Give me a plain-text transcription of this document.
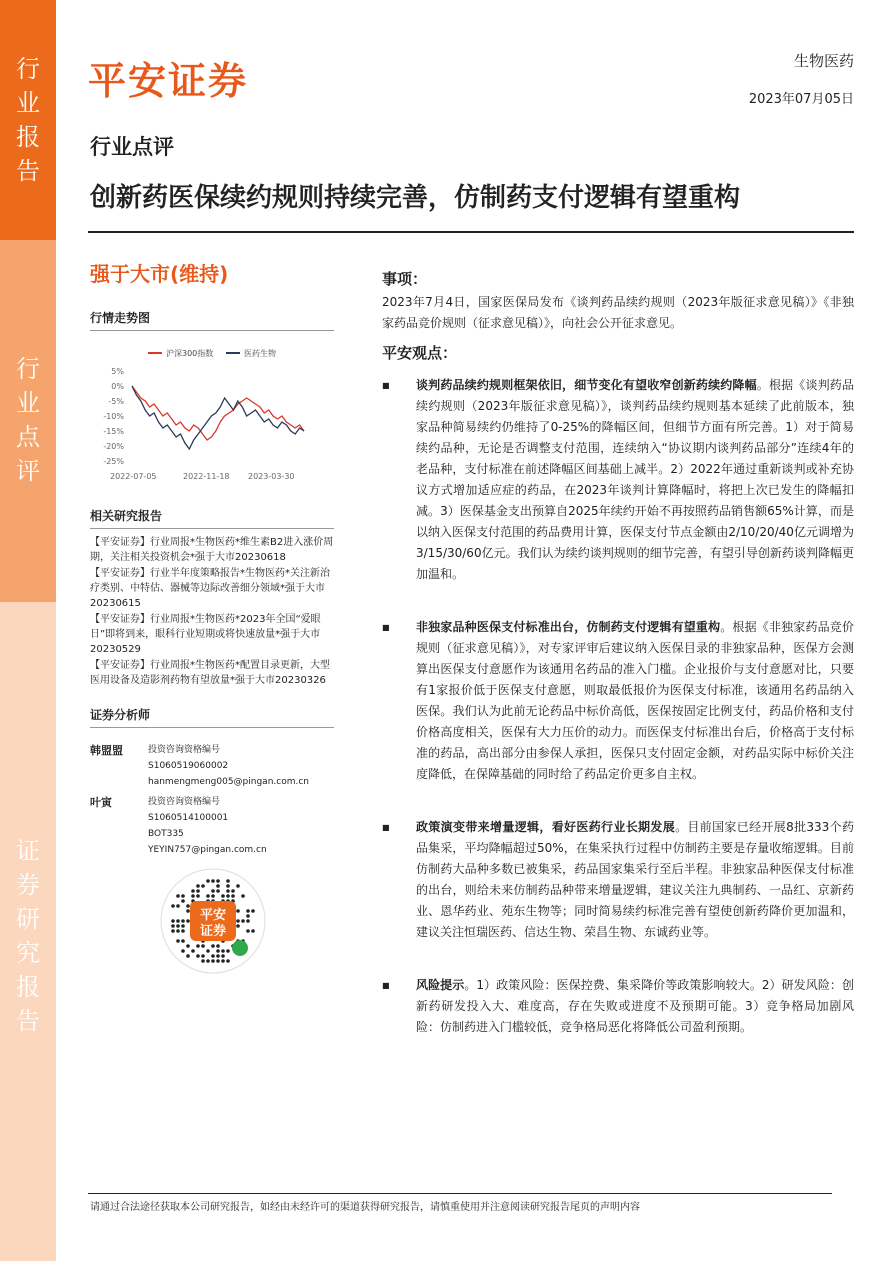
行业报告
行业点评
证券研究报告
平安证券	生物医药
2023年07月05日
行业点评
创新药医保续约规则持续完善，仿制药支付逻辑有望重构
强于大市(维持)
行情走势图
沪深300指数	医药生物
5%
0%
-5%
-10%
-15%
-20%
-25%
2022-07-05	2022-11-18 2023-03-30
相关研究报告

【平安证券】行业周报*生物医药*维生素B2进入涨价周期，关注相关投资机会*强于大市20230618

【平安证券】行业半年度策略报告*生物医药*关注新治疗类别、中特估、器械等边际改善细分领域*强于大市20230615

【平安证券】行业周报*生物医药*2023年全国“爱眼日”即将到来，眼科行业短期或将快速放量*强于大市20230529

【平安证券】行业周报*生物医药*配置目录更新，大型医用设备及造影剂药物有望放量*强于大市20230326

证券分析师
韩盟盟	投资咨询资格编号
S1060519060002
hanmengmeng005@pingan.com.cn
叶寅	投资咨询资格编号
S1060514100001
BOT335
YEYIN757@pingan.com.cn
平安
证券
事项：
2023年7月4日，国家医保局发布《谈判药品续约规则（2023年版征求意见稿）》《非独家药品竞价规则（征求意见稿）》，向社会公开征求意见。
平安观点：
■	谈判药品续约规则框架依旧，细节变化有望收窄创新药续约降幅。根据《谈判药品续约规则（2023年版征求意见稿）》，谈判药品续约规则基本延续了此前版本，独家品种简易续约仍维持了0-25%的降幅区间，但细节方面有所完善。1）对于简易续约品种，无论是否调整支付范围，连续纳入“协议期内谈判药品部分”连续4年的老品种，支付标准在前述降幅区间基础上减半。2）2022年通过重新谈判或补充协议方式增加适应症的药品，在2023年谈判计算降幅时，将把上次已发生的降幅扣减。3）医保基金支出预算自2025年续约开始不再按照药品销售额65%计算，而是以纳入医保支付范围的药品费用计算，医保支付节点金额由2/10/20/40亿元调增为3/15/30/60亿元。我们认为续约谈判规则的细节完善，有望引导创新药谈判降幅更加温和。
■	非独家品种医保支付标准出台，仿制药支付逻辑有望重构。根据《非独家药品竞价规则（征求意见稿）》，对专家评审后建议纳入医保目录的非独家品种，医保方会测算出医保支付意愿作为该通用名药品的准入门槛。企业报价与支付意愿对比，只要有1家报价低于医保支付意愿，则取最低报价为医保支付标准，该通用名药品纳入医保。我们认为此前无论药品中标价高低，医保按固定比例支付，药品价格和支付价格高度相关，医保有大力压价的动力。而医保支付标准出台后，价格高于支付标准的药品，高出部分由参保人承担，医保只支付固定金额，对药品实际中标价关注度降低，在保障基础的同时给了药品定价更多自主权。
■	政策演变带来增量逻辑，看好医药行业长期发展。目前国家已经开展8批333个药品集采，平均降幅超过50%，在集采执行过程中仿制药主要是存量收缩逻辑。目前仿制药大品种多数已被集采，药品国家集采行至后半程。非独家品种医保支付标准的出台，则给未来仿制药品种带来增量逻辑，建议关注九典制药、一品红、京新药业、恩华药业、苑东生物等；同时简易续约标准完善有望使创新药降价更加温和，建议关注恒瑞医药、信达生物、荣昌生物、东诚药业等。
■	风险提示。1）政策风险：医保控费、集采降价等政策影响较大。2）研发风险：创新药研发投入大、难度高，存在失败或进度不及预期可能。3）竞争格局加剧风险：仿制药进入门槛较低，竞争格局恶化将降低公司盈利预期。
请通过合法途径获取本公司研究报告，如经由未经许可的渠道获得研究报告，请慎重使用并注意阅读研究报告尾页的声明内容
